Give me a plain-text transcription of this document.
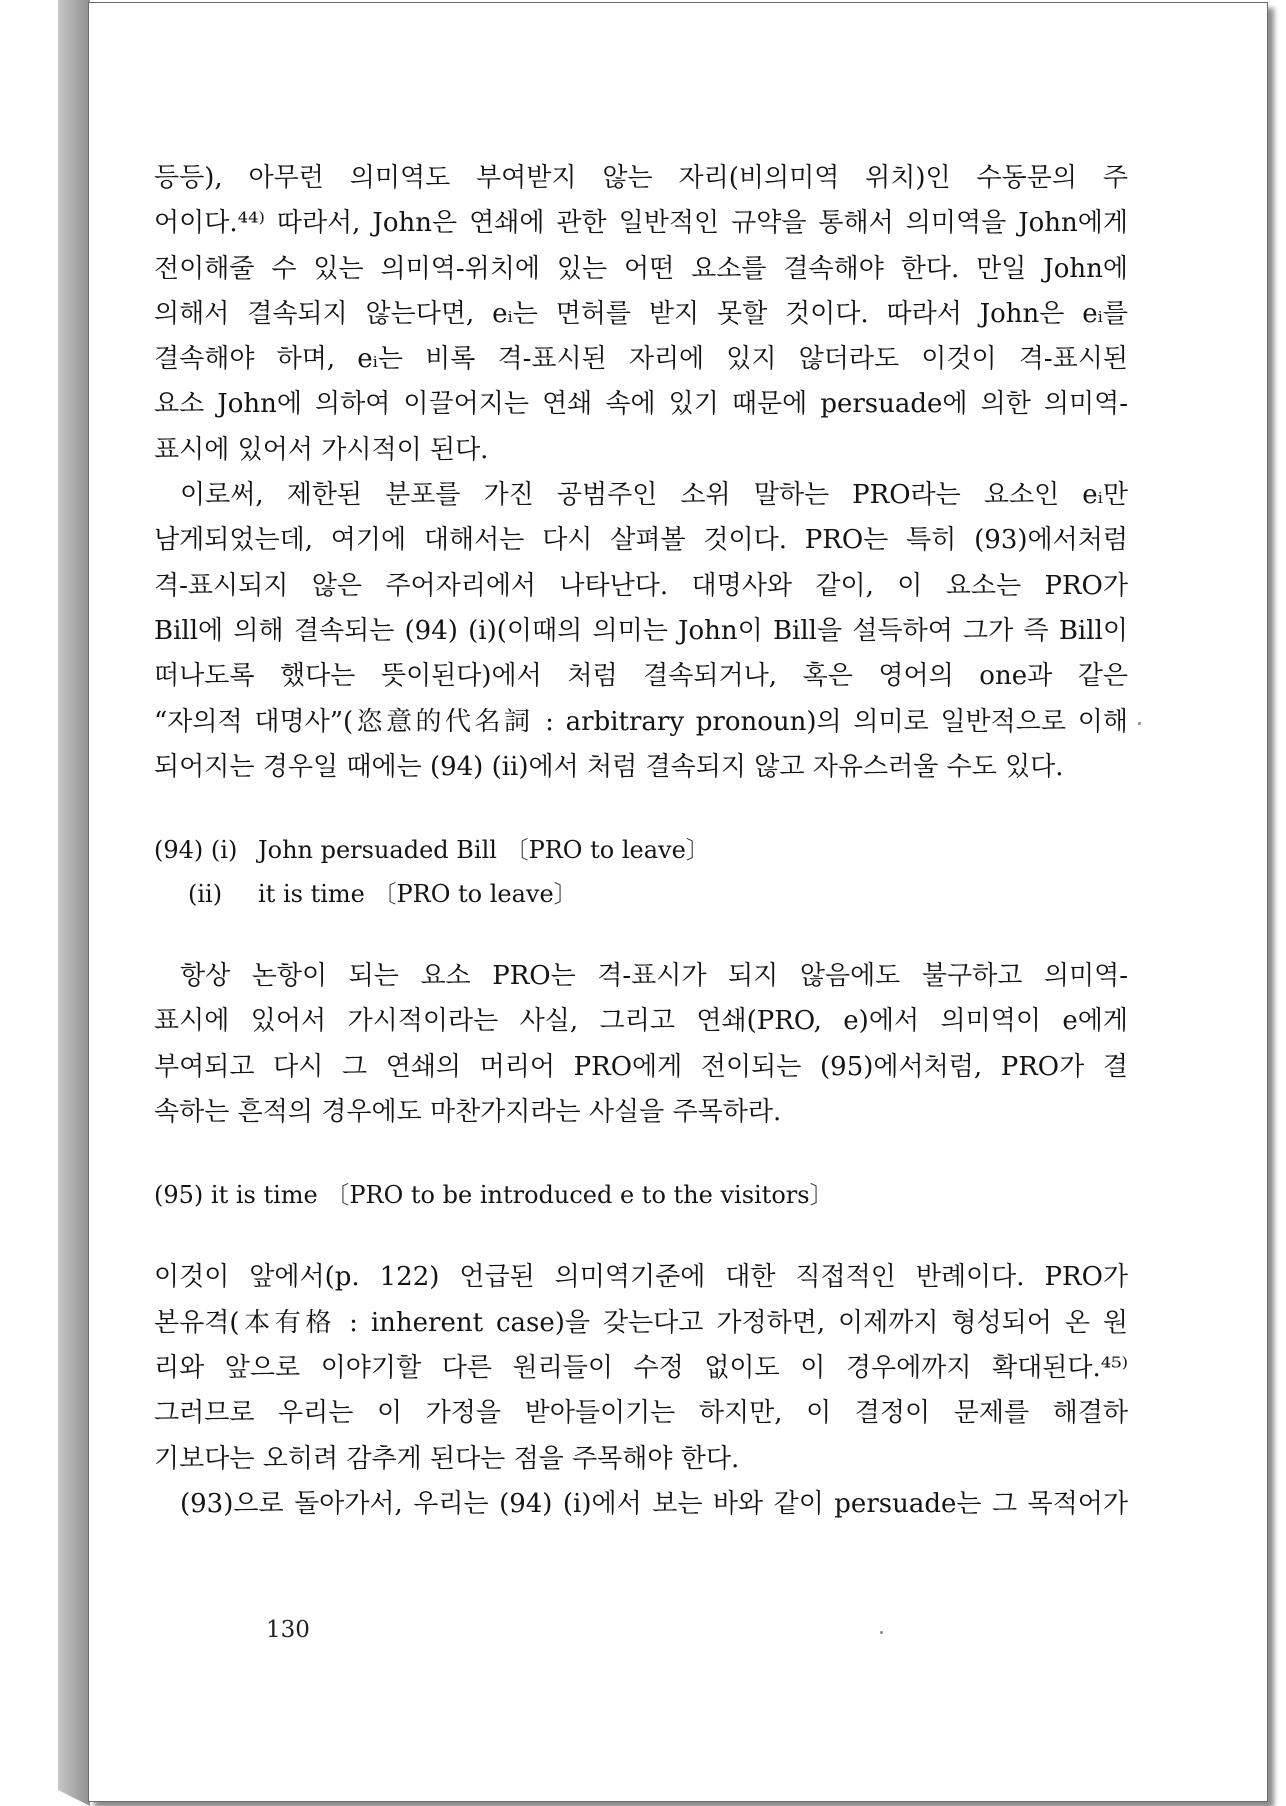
등등), 아무런 의미역도 부여받지 않는 자리(비의미역 위치)인 수동문의 주

어이다.⁴⁴⁾ 따라서, John은 연쇄에 관한 일반적인 규약을 통해서 의미역을 John에게

전이해줄 수 있는 의미역-위치에 있는 어떤 요소를 결속해야 한다. 만일 John에

의해서 결속되지 않는다면, eᵢ는 면허를 받지 못할 것이다. 따라서 John은 eᵢ를

결속해야 하며, eᵢ는 비록 격-표시된 자리에 있지 않더라도 이것이 격-표시된

요소 John에 의하여 이끌어지는 연쇄 속에 있기 때문에 persuade에 의한 의미역-

표시에 있어서 가시적이 된다.

이로써, 제한된 분포를 가진 공범주인 소위 말하는 PRO라는 요소인 eᵢ만

남게되었는데, 여기에 대해서는 다시 살펴볼 것이다. PRO는 특히 (93)에서처럼

격-표시되지 않은 주어자리에서 나타난다. 대명사와 같이, 이 요소는 PRO가

Bill에 의해 결속되는 (94) (i)(이때의 의미는 John이 Bill을 설득하여 그가 즉 Bill이

떠나도록 했다는 뜻이된다)에서 처럼 결속되거나, 혹은 영어의 one과 같은

“자의적 대명사”(恣意的代名詞 : arbitrary pronoun)의 의미로 일반적으로 이해

되어지는 경우일 때에는 (94) (ii)에서 처럼 결속되지 않고 자유스러울 수도 있다.

(94) (i) John persuaded Bill 〔PRO to leave〕

(ii) it is time 〔PRO to leave〕

항상 논항이 되는 요소 PRO는 격-표시가 되지 않음에도 불구하고 의미역-

표시에 있어서 가시적이라는 사실, 그리고 연쇄(PRO, e)에서 의미역이 e에게

부여되고 다시 그 연쇄의 머리어 PRO에게 전이되는 (95)에서처럼, PRO가 결

속하는 흔적의 경우에도 마찬가지라는 사실을 주목하라.

(95) it is time 〔PRO to be introduced e to the visitors〕

이것이 앞에서(p. 122) 언급된 의미역기준에 대한 직접적인 반례이다. PRO가

본유격(本有格 : inherent case)을 갖는다고 가정하면, 이제까지 형성되어 온 원

리와 앞으로 이야기할 다른 원리들이 수정 없이도 이 경우에까지 확대된다.⁴⁵⁾

그러므로 우리는 이 가정을 받아들이기는 하지만, 이 결정이 문제를 해결하

기보다는 오히려 감추게 된다는 점을 주목해야 한다.

(93)으로 돌아가서, 우리는 (94) (i)에서 보는 바와 같이 persuade는 그 목적어가

130
